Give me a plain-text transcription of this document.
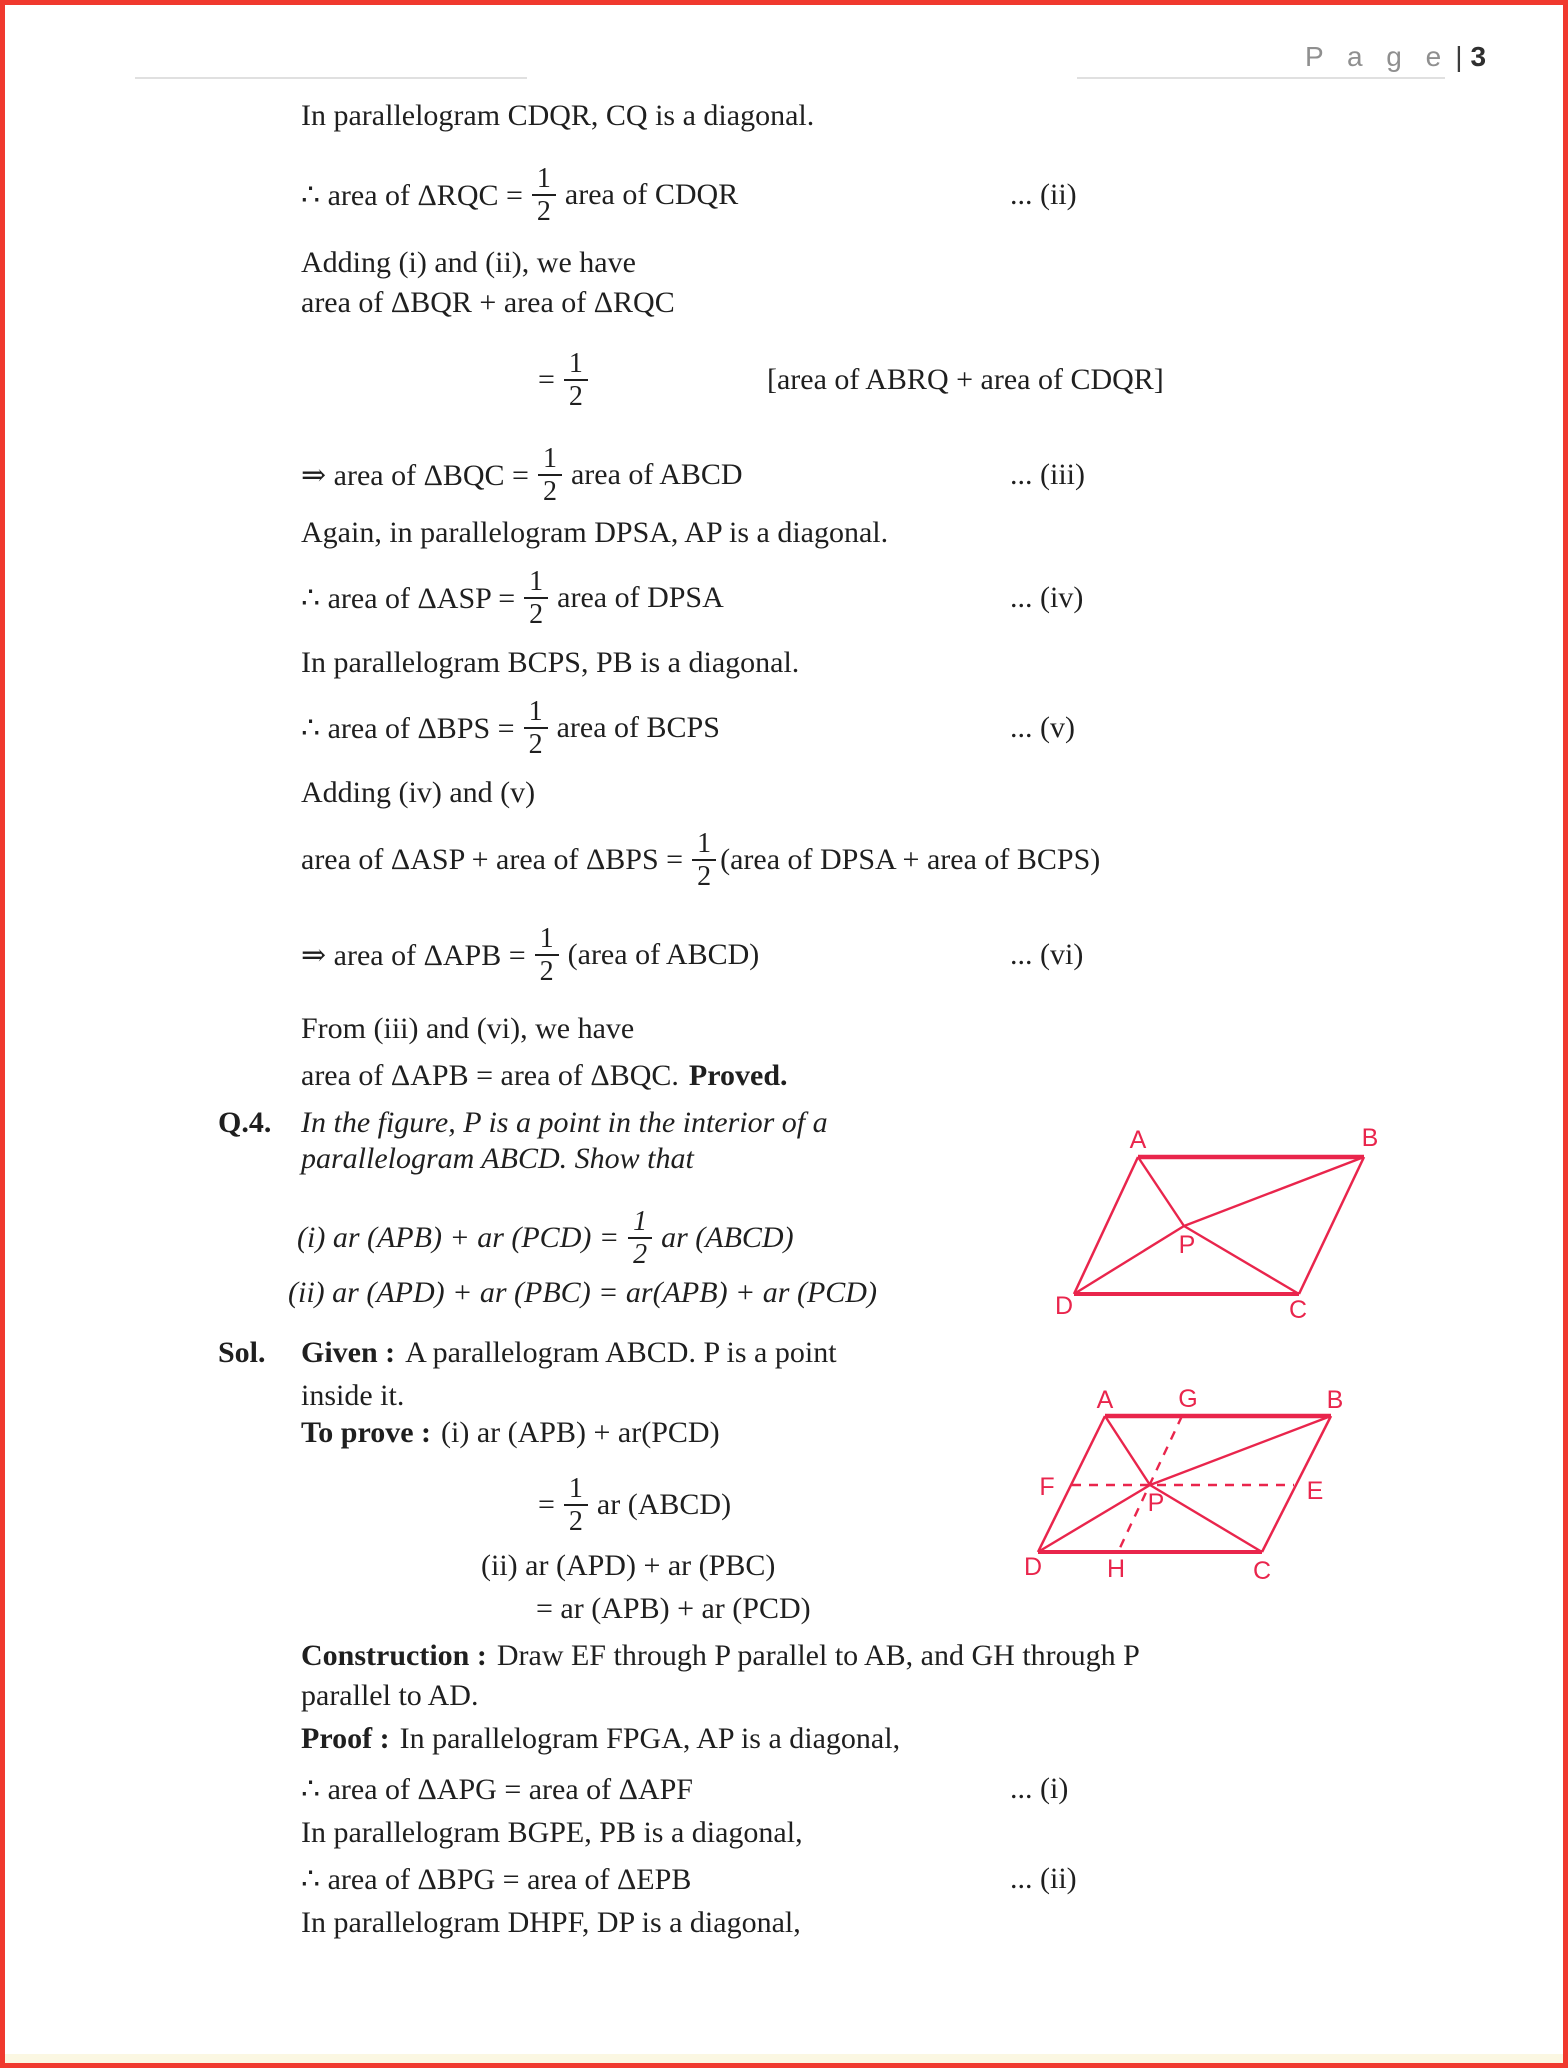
P a g e | 3
In parallelogram CDQR, CQ is a diagonal.
∴ area of $\Delta RQC = \frac{1}{2}$ area of CDQR	... (ii)
Adding (i) and (ii), we have
area of ΔBQR + area of ΔRQC
= $\frac{1}{2}$	[area of ABRQ + area of CDQR]
⇒ area of $\Delta BQC = \frac{1}{2}$ area of ABCD	... (iii)
Again, in parallelogram DPSA, AP is a diagonal.
∴ area of $\Delta ASP = \frac{1}{2}$ area of DPSA	... (iv)
In parallelogram BCPS, PB is a diagonal.
∴ area of $\Delta BPS = \frac{1}{2}$ area of BCPS	... (v)
Adding (iv) and (v)
area of ΔASP + area of $\Delta BPS = \frac{1}{2}$ (area of DPSA + area of BCPS)
⇒ area of $\Delta APB = \frac{1}{2}$ (area of ABCD)	... (vi)
From (iii) and (vi), we have
area of ΔAPB = area of ΔBQC. Proved.
Q.4. In the figure, P is a point in the interior of a
parallelogram ABCD. Show that
(i) ar (APB) + ar $(PCD) = \frac{1}{2}$ ar (ABCD)
(ii) ar (APD) + ar (PBC) = ar(APB) + ar (PCD)
Sol. Given : A parallelogram ABCD. P is a point
inside it.
To prove : (i) ar (APB) + ar(PCD)
= $\frac{1}{2}$ ar (ABCD)
(ii) ar (APD) + ar (PBC)
= ar (APB) + ar (PCD)
Construction : Draw EF through P parallel to AB, and GH through P
parallel to AD.
Proof : In parallelogram FPGA, AP is a diagonal,
∴ area of ΔAPG = area of ΔAPF	... (i)
In parallelogram BGPE, PB is a diagonal,
∴ area of ΔBPG = area of ΔEPB	... (ii)
In parallelogram DHPF, DP is a diagonal,
A	B
C
D
P
A	G	B
F	E
D	H	C
P
